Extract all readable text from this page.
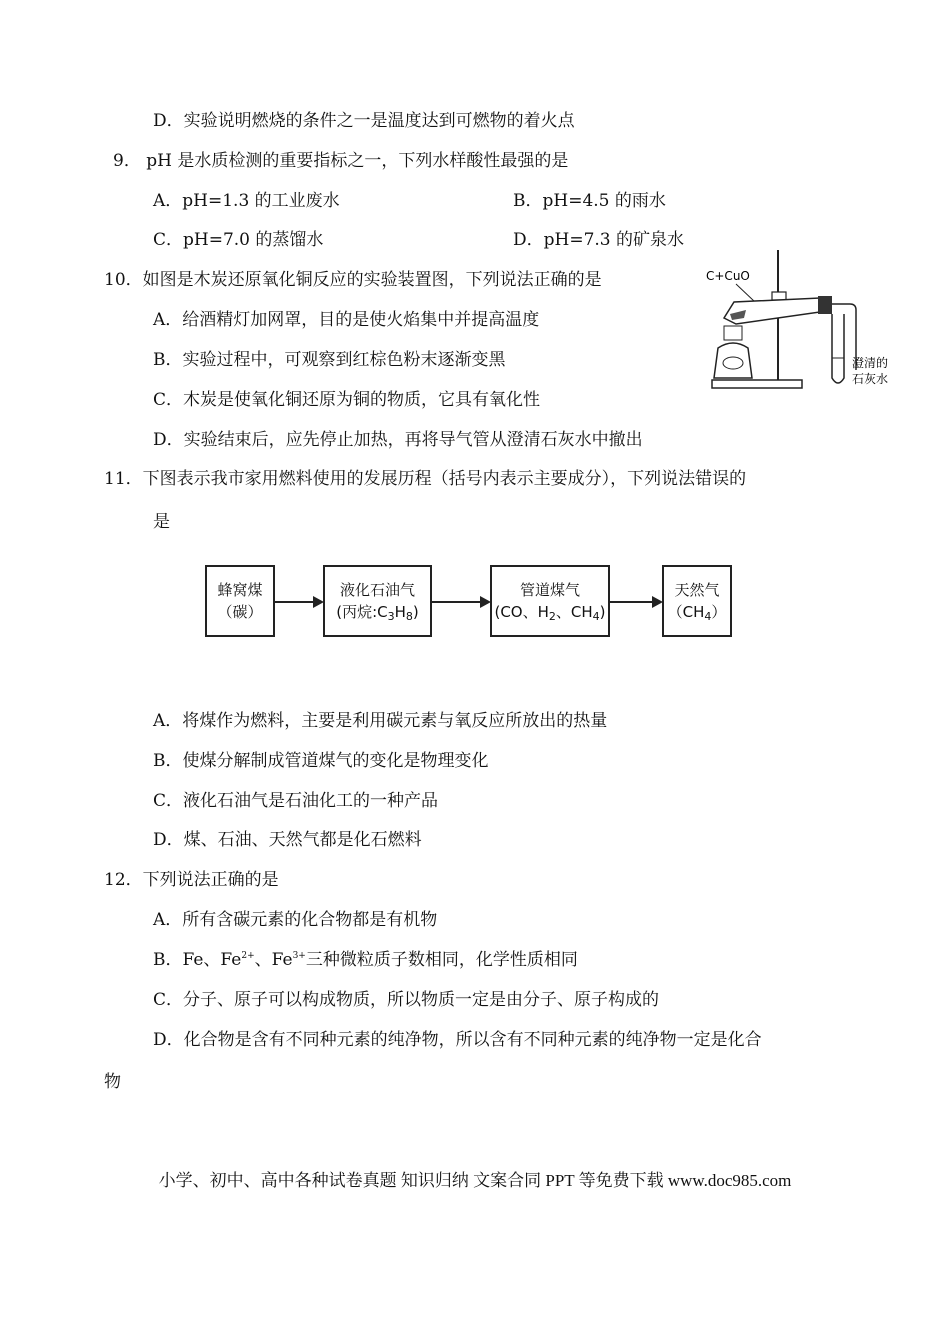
D．实验说明燃烧的条件之一是温度达到可燃物的着火点
9． pH 是水质检测的重要指标之一，下列水样酸性最强的是
A．pH=1.3 的工业废水	B．pH=4.5 的雨水
C．pH=7.0 的蒸馏水	D．pH=7.3 的矿泉水
10．如图是木炭还原氧化铜反应的实验装置图，下列说法正确的是
A．给酒精灯加网罩，目的是使火焰集中并提高温度
B．实验过程中，可观察到红棕色粉末逐渐变黑
C．木炭是使氧化铜还原为铜的物质，它具有氧化性
D．实验结束后，应先停止加热，再将导气管从澄清石灰水中撤出
C+CuO
澄清的
石灰水
11．下图表示我市家用燃料使用的发展历程（括号内表示主要成分），下列说法错误的
是
蜂窝煤
（碳）
液化石油气
(丙烷$:C_3H_8$)
管道煤气
(CO、$H_2$、$CH_4$)
天然气
$(CH_4)$
A．将煤作为燃料，主要是利用碳元素与氧反应所放出的热量
B．使煤分解制成管道煤气的变化是物理变化
C．液化石油气是石油化工的一种产品
D．煤、石油、天然气都是化石燃料
12．下列说法正确的是
A．所有含碳元素的化合物都是有机物
B．Fe、$Fe^{2+}$、$Fe^{3+}$三种微粒质子数相同，化学性质相同
C．分子、原子可以构成物质，所以物质一定是由分子、原子构成的
D．化合物是含有不同种元素的纯净物，所以含有不同种元素的纯净物一定是化合
物
小学、初中、高中各种试卷真题 知识归纳 文案合同 PPT 等免费下载 www.doc985.com
